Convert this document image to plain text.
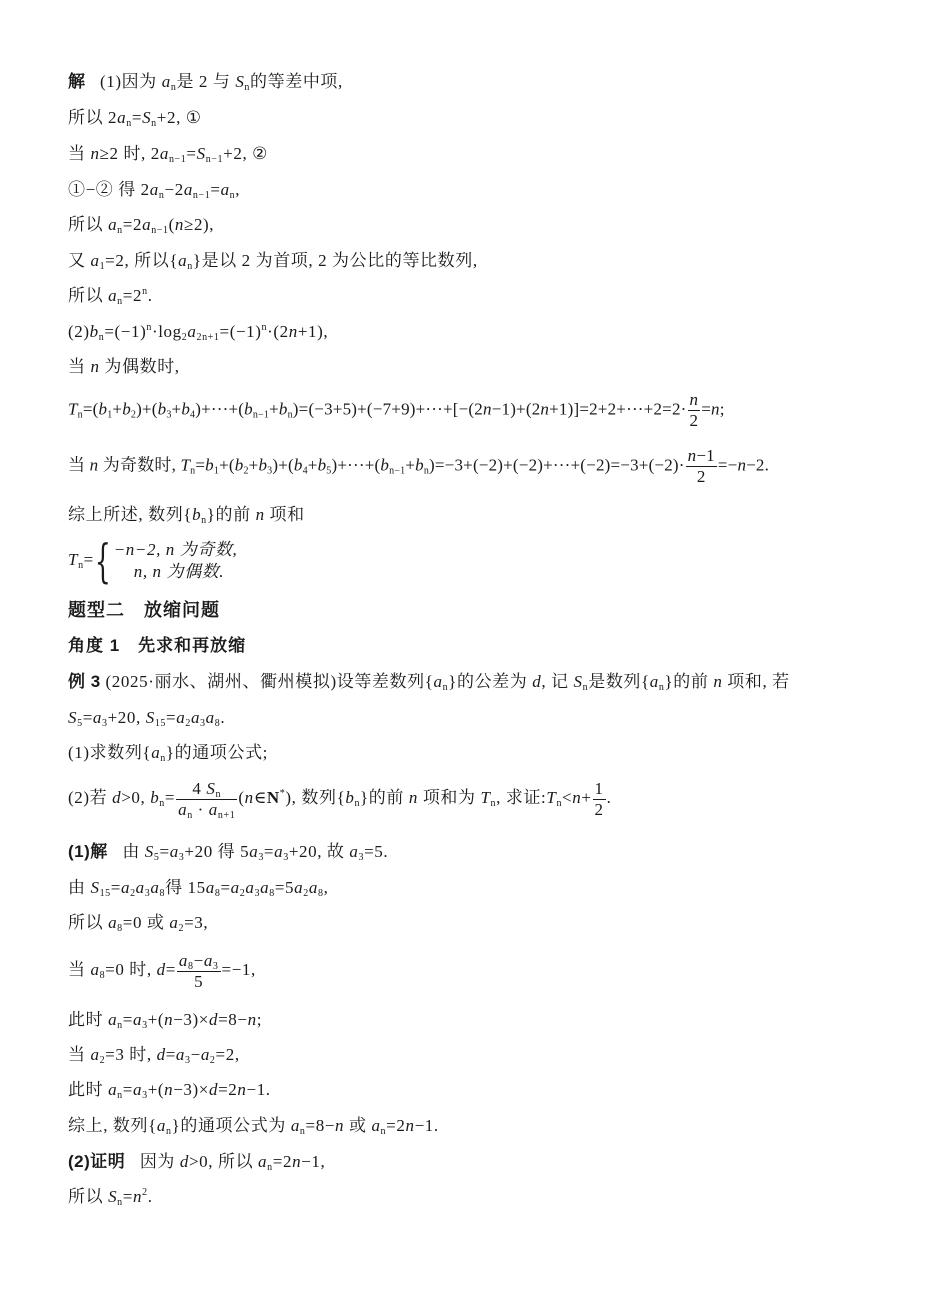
解   (1)因为 $a_n$是 2 与 $S_n$的等差中项,
所以 $2a_n=S_n+2$, ①
当 n≥2 时, $2a_{n-1}=S_{n-1}+2$, ②
①−② 得 $2a_n-2a_{n-1}=a_n$,
所以 $a_n=2a_{n-1}(n\ge 2)$,
又 $a_1=2$, 所以$\{a_n\}$是以 2 为首项, 2 为公比的等比数列,
所以 $a_n=2^n$.
$(2)b_n=(-1)^n\cdot\log_2a_{2n+1}=(-1)^n\cdot(2n+1)$,
当 n 为偶数时,
$T_n=(b_1+b_2)+(b_3+b_4)+\cdot\cdot\cdot+(b_{n-1}+b_n)=(-3+5)+(-7+9)+\cdot\cdot\cdot+[-(2n-1)+(2n+1)]=2+2+\cdot\cdot\cdot+2=2\cdot \frac{n}{2} =n$;
当 n 为奇数时, $T_n=b_1+(b_2+b_3)+(b_4+b_5)+\cdot\cdot\cdot+(b_{n-1}+b_n)=-3+(-2)+(-2)+\cdot\cdot\cdot+(-2)=-3+(-2)\cdot \frac{n-1}{2} =-n-2$.
综上所述, 数列$\{b_n\}$的前 n 项和
$T_n=\{ -n-2$, n 为奇数,
n, n 为偶数.
题型二　放缩问题
角度 1　先求和再放缩
例 3 (2025·丽水、湖州、衢州模拟)设等差数列$\{a_n\}$的公差为 d, 记 $S_n$是数列$\{a_n\}$的前 n 项和, 若
$S_5=a_3+20$, $S_{15}=a_2a_3a_8$.
(1)求数列$\{a_n\}$的通项公式;
(2)若 d>0, $b_n= \frac{4 S_n}{a_n \cdot a_{n+1}}$ (n∈N*), 数列$\{b_n\}$的前 n 项和为 $T_n$, 求证$:T_n<n+ \frac{1}{2}$ .
(1)解   由 $S_5=a_3+20$ 得 $5a_3=a_3+20$, 故 $a_3=5$.
由 $S_{15}=a_2a_3a_8$得 $15a_8=a_2a_3a_8=5a_2a_8$,
所以 $a_8=0$ 或 $a_2=3$,
当 $a_8=0$ 时, $d= \frac{a_8-a_3}{5} =-1$,
此时 $a_n=a_3+(n-3)\times d=8-n$;
当 $a_2=3$ 时, $d=a_3-a_2=2$,
此时 $a_n=a_3+(n-3)\times d=2n-1$.
综上, 数列$\{a_n\}$的通项公式为 $a_n=8-n$ 或 $a_n=2n-1$.
(2)证明   因为 d>0, 所以 $a_n=2n-1$,
所以 $S_n=n^2$.
